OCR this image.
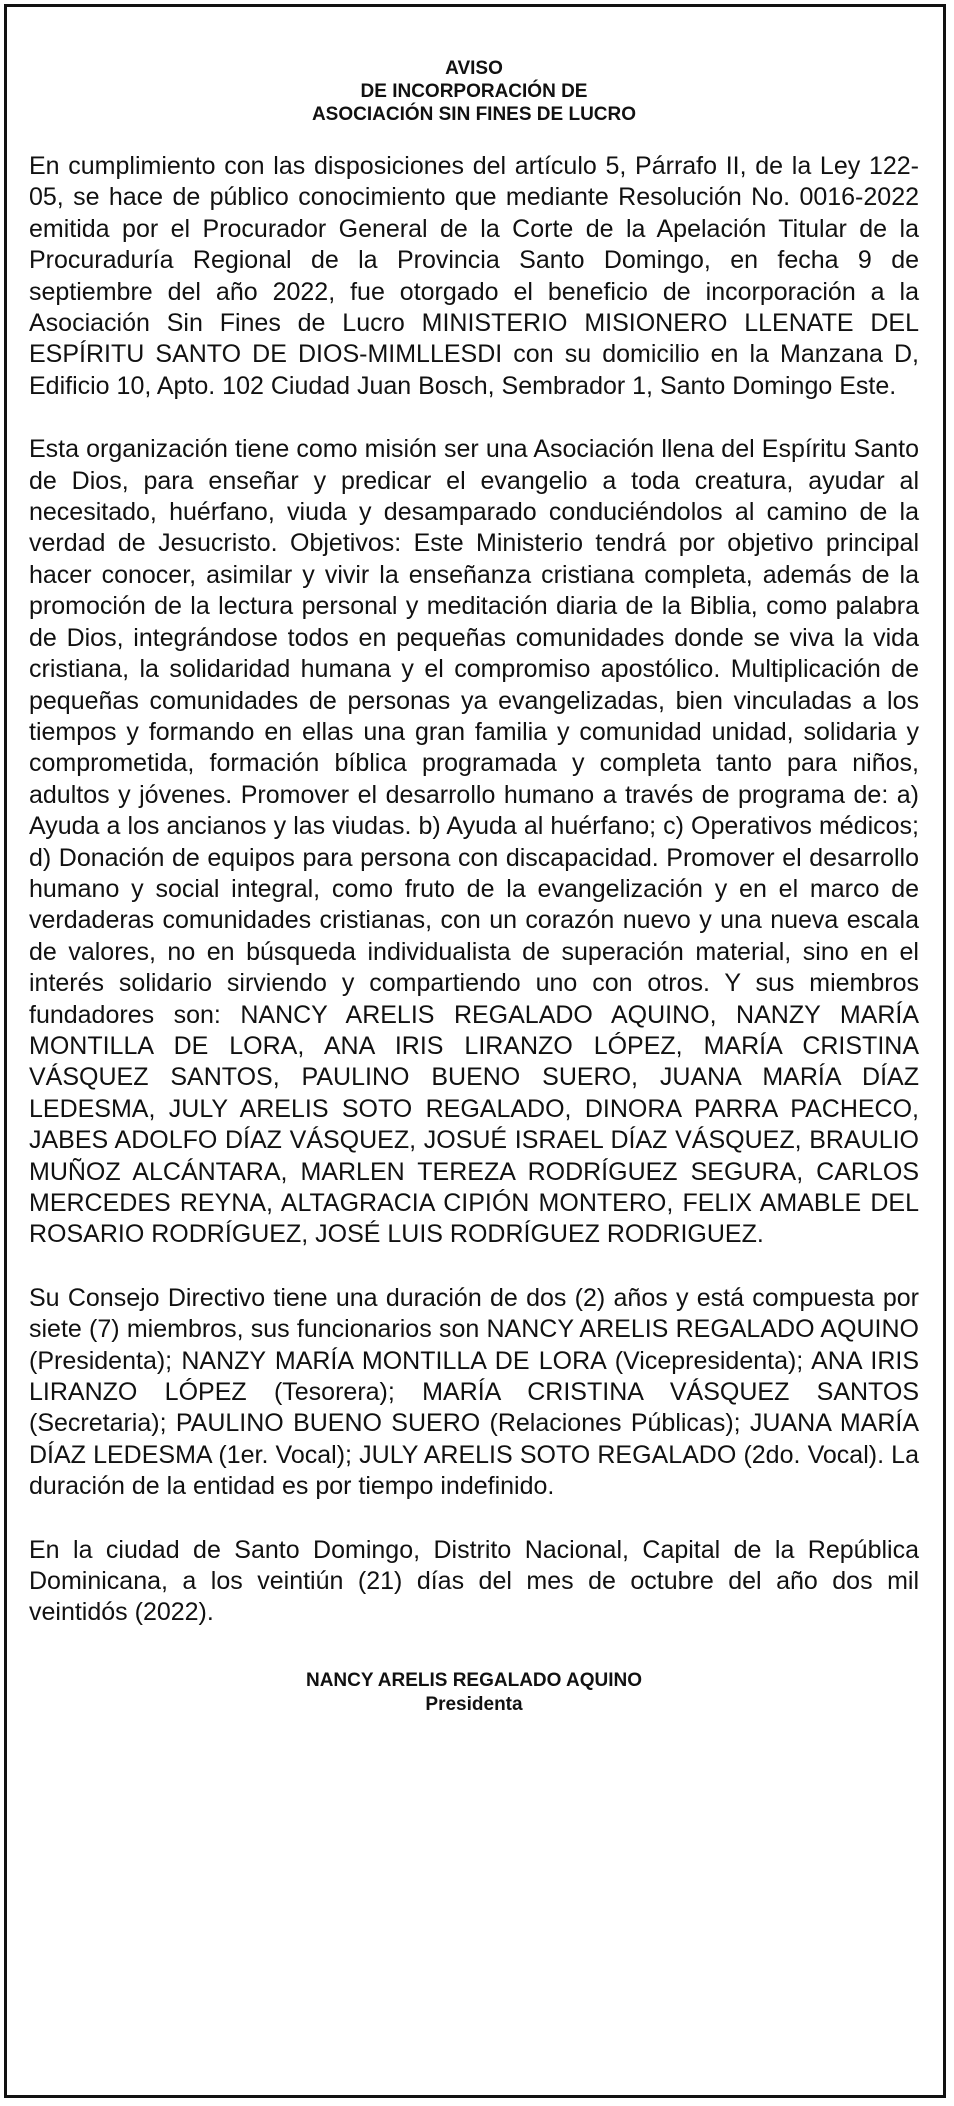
AVISO
DE INCORPORACIÓN DE
ASOCIACIÓN SIN FINES DE LUCRO

En cumplimiento con las disposiciones del artículo 5, Párrafo II, de la Ley 122-05, se hace de público conocimiento que mediante Resolución No. 0016-2022 emitida por el Procurador General de la Corte de la Apelación Titular de la Procuraduría Regional de la Provincia Santo Domingo, en fecha 9 de septiembre del año 2022, fue otorgado el beneficio de incorporación a la Asociación Sin Fines de Lucro MINISTERIO MISIONERO LLENATE DEL ESPÍRITU SANTO DE DIOS-MIMLLESDI con su domicilio en la Manzana D, Edificio 10, Apto. 102 Ciudad Juan Bosch, Sembrador 1, Santo Domingo Este.

Esta organización tiene como misión ser una Asociación llena del Espíritu Santo de Dios, para enseñar y predicar el evangelio a toda creatura, ayudar al necesitado, huérfano, viuda y desamparado conduciéndolos al camino de la verdad de Jesucristo. Objetivos: Este Ministerio tendrá por objetivo principal hacer conocer, asimilar y vivir la enseñanza cristiana completa, además de la promoción de la lectura personal y meditación diaria de la Biblia, como palabra de Dios, integrándose todos en pequeñas comunidades donde se viva la vida cristiana, la solidaridad humana y el compromiso apostólico. Multiplicación de pequeñas comunidades de personas ya evangelizadas, bien vinculadas a los tiempos y formando en ellas una gran familia y comunidad unidad, solidaria y comprometida, formación bíblica programada y completa tanto para niños, adultos y jóvenes. Promover el desarrollo humano a través de programa de: a) Ayuda a los ancianos y las viudas. b) Ayuda al huérfano; c) Operativos médicos; d) Donación de equipos para persona con discapacidad. Promover el desarrollo humano y social integral, como fruto de la evangelización y en el marco de verdaderas comunidades cristianas, con un corazón nuevo y una nueva escala de valores, no en búsqueda individualista de superación material, sino en el interés solidario sirviendo y compartiendo uno con otros. Y sus miembros fundadores son: NANCY ARELIS REGALADO AQUINO, NANZY MARÍA MONTILLA DE LORA, ANA IRIS LIRANZO LÓPEZ, MARÍA CRISTINA VÁSQUEZ SANTOS, PAULINO BUENO SUERO, JUANA MARÍA DÍAZ LEDESMA, JULY ARELIS SOTO REGALADO, DINORA PARRA PACHECO, JABES ADOLFO DÍAZ VÁSQUEZ, JOSUÉ ISRAEL DÍAZ VÁSQUEZ, BRAULIO MUÑOZ ALCÁNTARA, MARLEN TEREZA RODRÍGUEZ SEGURA, CARLOS MERCEDES REYNA, ALTAGRACIA CIPIÓN MONTERO, FELIX AMABLE DEL ROSARIO RODRÍGUEZ, JOSÉ LUIS RODRÍGUEZ RODRIGUEZ.

Su Consejo Directivo tiene una duración de dos (2) años y está compuesta por siete (7) miembros, sus funcionarios son NANCY ARELIS REGALADO AQUINO (Presidenta); NANZY MARÍA MONTILLA DE LORA (Vicepresidenta); ANA IRIS LIRANZO LÓPEZ (Tesorera); MARÍA CRISTINA VÁSQUEZ SANTOS (Secretaria); PAULINO BUENO SUERO (Relaciones Públicas); JUANA MARÍA DÍAZ LEDESMA (1er. Vocal); JULY ARELIS SOTO REGALADO (2do. Vocal). La duración de la entidad es por tiempo indefinido.

En la ciudad de Santo Domingo, Distrito Nacional, Capital de la República Dominicana, a los veintiún (21) días del mes de octubre del año dos mil veintidós (2022).

NANCY ARELIS REGALADO AQUINO
Presidenta
